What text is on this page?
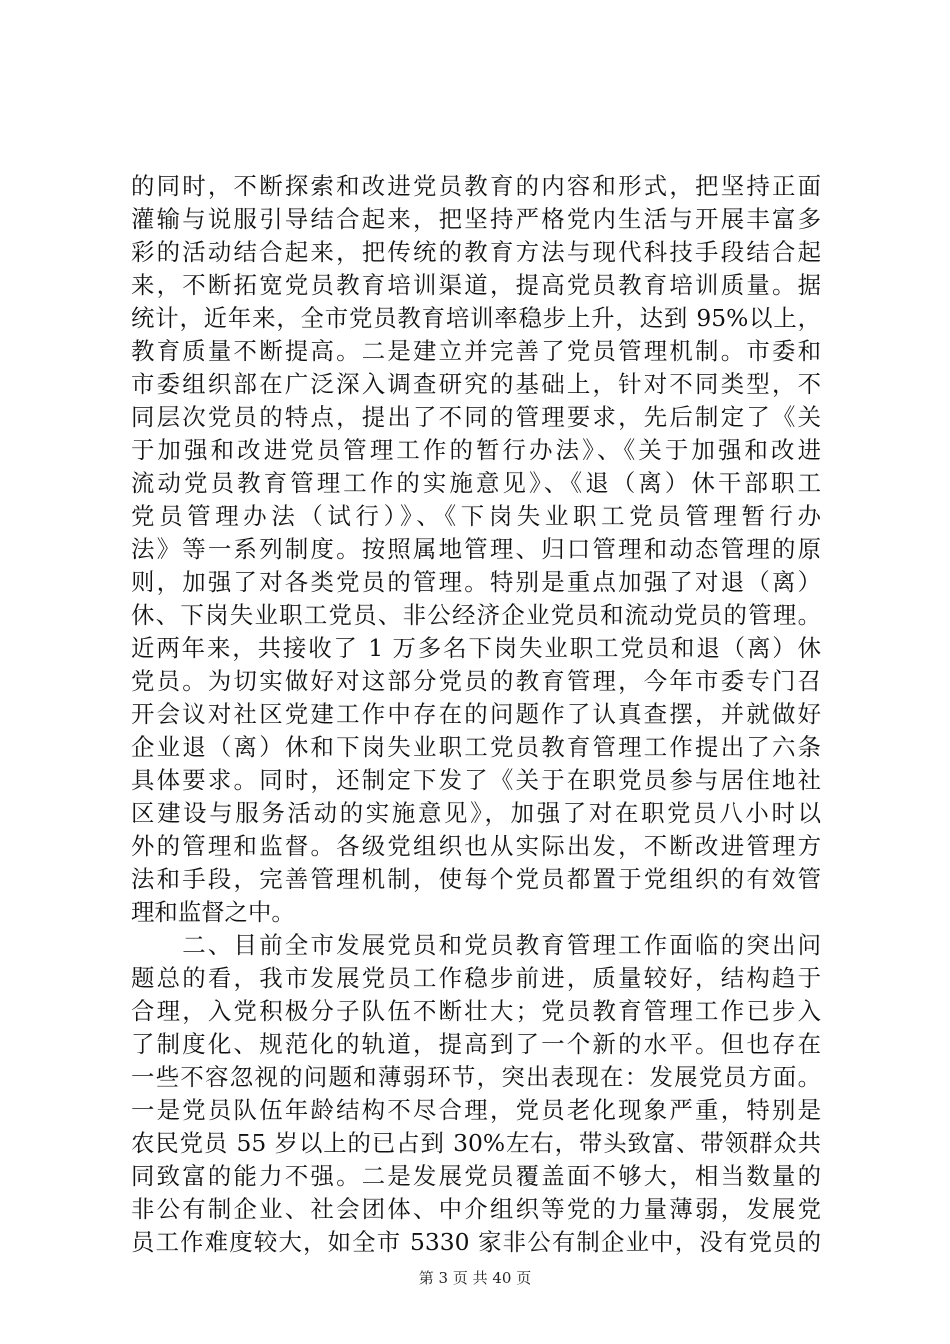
的同时，不断探索和改进党员教育的内容和形式，把坚持正面
灌输与说服引导结合起来，把坚持严格党内生活与开展丰富多
彩的活动结合起来，把传统的教育方法与现代科技手段结合起
来，不断拓宽党员教育培训渠道，提高党员教育培训质量。据
统计，近年来，全市党员教育培训率稳步上升，达到 95%以上，
教育质量不断提高。二是建立并完善了党员管理机制。市委和
市委组织部在广泛深入调查研究的基础上，针对不同类型，不
同层次党员的特点，提出了不同的管理要求，先后制定了《关
于加强和改进党员管理工作的暂行办法》、《关于加强和改进
流动党员教育管理工作的实施意见》、《退（离）休干部职工
党员管理办法（试行）》、《下岗失业职工党员管理暂行办
法》等一系列制度。按照属地管理、归口管理和动态管理的原
则，加强了对各类党员的管理。特别是重点加强了对退（离）
休、下岗失业职工党员、非公经济企业党员和流动党员的管理。
近两年来，共接收了 1 万多名下岗失业职工党员和退（离）休
党员。为切实做好对这部分党员的教育管理，今年市委专门召
开会议对社区党建工作中存在的问题作了认真查摆，并就做好
企业退（离）休和下岗失业职工党员教育管理工作提出了六条
具体要求。同时，还制定下发了《关于在职党员参与居住地社
区建设与服务活动的实施意见》，加强了对在职党员八小时以
外的管理和监督。各级党组织也从实际出发，不断改进管理方
法和手段，完善管理机制，使每个党员都置于党组织的有效管
理和监督之中。
　　二、目前全市发展党员和党员教育管理工作面临的突出问
题总的看，我市发展党员工作稳步前进，质量较好，结构趋于
合理，入党积极分子队伍不断壮大；党员教育管理工作已步入
了制度化、规范化的轨道，提高到了一个新的水平。但也存在
一些不容忽视的问题和薄弱环节，突出表现在：发展党员方面。
一是党员队伍年龄结构不尽合理，党员老化现象严重，特别是
农民党员 55 岁以上的已占到 30%左右，带头致富、带领群众共
同致富的能力不强。二是发展党员覆盖面不够大，相当数量的
非公有制企业、社会团体、中介组织等党的力量薄弱，发展党
员工作难度较大，如全市 5330 家非公有制企业中，没有党员的
第 3 页 共 40 页
